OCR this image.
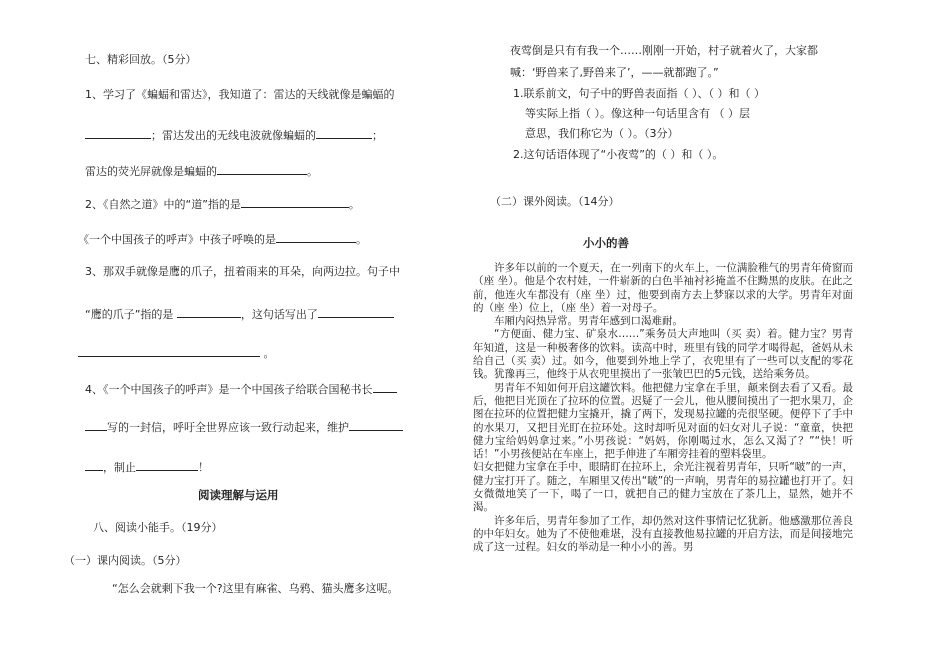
七、精彩回放。（5分）
1、学习了《蝙蝠和雷达》，我知道了：雷达的天线就像是蝙蝠的
；雷达发出的无线电波就像蝙蝠的	；
雷达的荧光屏就像是蝙蝠的	。
2、《自然之道》中的“道”指的是	。
《一个中国孩子的呼声》中孩子呼唤的是	。
3、那双手就像是鹰的爪子，扭着雨来的耳朵，向两边拉。句子中
“鹰的爪子”指的是	，这句话写出了
。
4、《一个中国孩子的呼声》是一个中国孩子给联合国秘书长
写的一封信，呼吁全世界应该一致行动起来，维护
，制止	！
阅读理解与运用
八、阅读小能手。（19分）
（一）课内阅读。（5分）
“怎么会就剩下我一个?这里有麻雀、乌鸦、猫头鹰多这呢。
夜莺倒是只有有我一个……刚刚一开始，村子就着火了，大家都
喊：‘野兽来了,野兽来了’，——就都跑了。”
1.联系前文，句子中的野兽表面指（ ）、（ ）和（ ）
等实际上指（ ）。像这种一句话里含有 （ ）层
意思，我们称它为（ ）。（3分）
2.这句话语体现了“小夜莺”的（ ）和（ ）。
（二）课外阅读。（14分）
小小的善

许多年以前的一个夏天，在一列南下的火车上，一位满脸稚气的男青年倚窗而（座 坐）。他是个农村娃，一件崭新的白色半袖衬衫掩盖不住黝黑的皮肤。在此之前，他连火车都没有（座 坐）过，他要到南方去上梦寐以求的大学。男青年对面的（座 坐）位上，（座 坐）着一对母子。

车厢内闷热异常。男青年感到口渴难耐。

“方便面、健力宝、矿泉水……”乘务员大声地叫（买 卖）着。健力宝？男青年知道，这是一种极奢侈的饮料。读高中时，班里有钱的同学才喝得起，爸妈从未给自己（买 卖）过。如今，他要到外地上学了，衣兜里有了一些可以支配的零花钱。犹豫再三，他终于从衣兜里摸出了一张皱巴巴的5元钱，送给乘务员。

男青年不知如何开启这罐饮料。他把健力宝拿在手里，颠来倒去看了又看。最后，他把目光顶在了拉环的位置。迟疑了一会儿，他从腰间摸出了一把水果刀，企图在拉环的位置把健力宝撬开，撬了两下，发现易拉罐的壳很坚硬。便停下了手中的水果刀，又把目光盯在拉环处。这时却听见对面的妇女对儿子说：“童童，快把健力宝给妈妈拿过来。”小男孩说：“妈妈，你刚喝过水，怎么又渴了？”“快！听话！”小男孩便站在车座上，把手伸进了车厢旁挂着的塑料袋里。

妇女把健力宝拿在手中，眼睛盯在拉环上，余光注视着男青年，只听“啵”的一声，健力宝打开了。随之，车厢里又传出“啵”的一声响，男青年的易拉罐也打开了。妇女微微地笑了一下，喝了一口，就把自己的健力宝放在了茶几上，显然，她并不渴。

许多年后，男青年参加了工作，却仍然对这件事情记忆犹新。他感激那位善良的中年妇女。她为了不使他难堪，没有直接教他易拉罐的开启方法，而是间接地完成了这一过程。妇女的举动是一种小小的善。男
